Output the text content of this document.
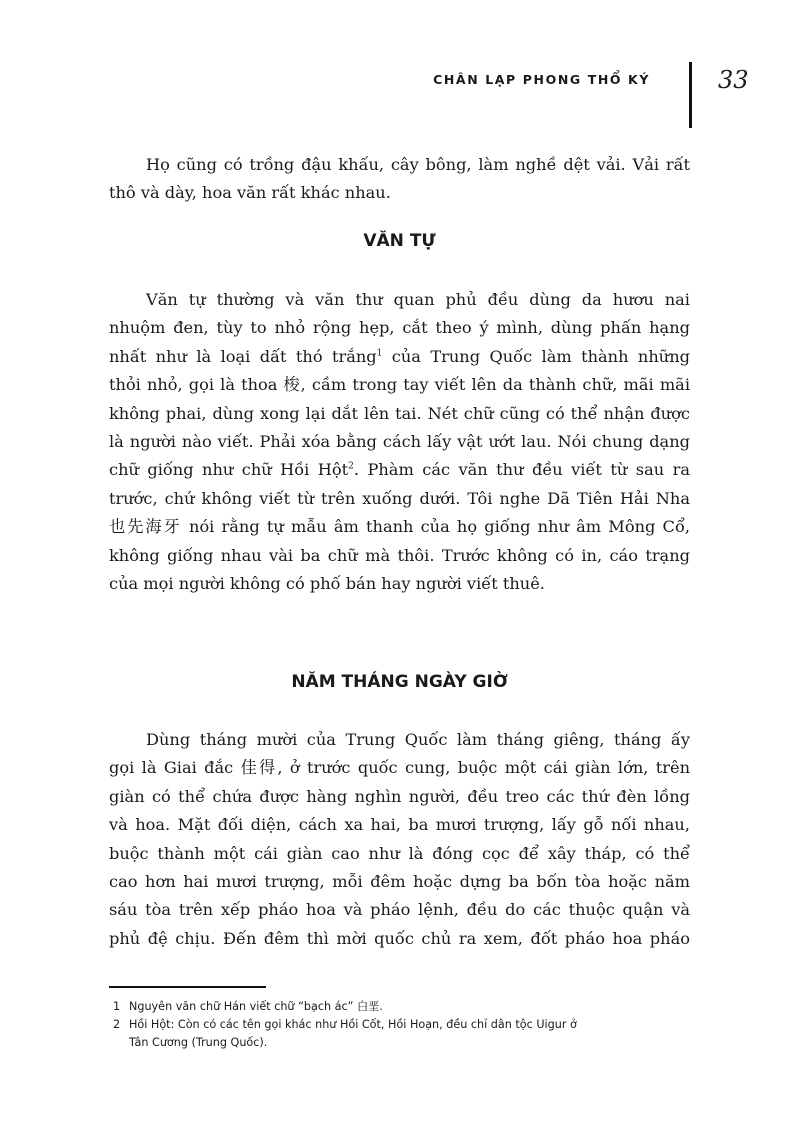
CHÂN LẠP PHONG THỔ KÝ	33
Họ cũng có trồng đậu khấu, cây bông, làm nghề dệt vải. Vải rất
thô và dày, hoa văn rất khác nhau.
VĂN TỰ
Văn tự thường và văn thư quan phủ đều dùng da hươu nai
nhuộm đen, tùy to nhỏ rộng hẹp, cắt theo ý mình, dùng phấn hạng
nhất như là loại dất thó trắng$^1$ của Trung Quốc làm thành những
thỏi nhỏ, gọi là thoa 梭, cầm trong tay viết lên da thành chữ, mãi mãi
không phai, dùng xong lại dắt lên tai. Nét chữ cũng có thể nhận được
là người nào viết. Phải xóa bằng cách lấy vật ướt lau. Nói chung dạng
chữ giống như chữ Hồi Hột$^2$. Phàm các văn thư đều viết từ sau ra
trước, chứ không viết từ trên xuống dưới. Tôi nghe Dã Tiên Hải Nha
也先海牙 nói rằng tự mẫu âm thanh của họ giống như âm Mông Cổ,
không giống nhau vài ba chữ mà thôi. Trước không có in, cáo trạng
của mọi người không có phố bán hay người viết thuê.
NĂM THÁNG NGÀY GIỜ
Dùng tháng mười của Trung Quốc làm tháng giêng, tháng ấy
gọi là Giai đắc 佳得, ở trước quốc cung, buộc một cái giàn lớn, trên
giàn có thể chứa được hàng nghìn người, đều treo các thứ đèn lồng
và hoa. Mặt đối diện, cách xa hai, ba mươi trượng, lấy gỗ nối nhau,
buộc thành một cái giàn cao như là đóng cọc để xây tháp, có thể
cao hơn hai mươi trượng, mỗi đêm hoặc dựng ba bốn tòa hoặc năm
sáu tòa trên xếp pháo hoa và pháo lệnh, đều do các thuộc quận và
phủ đệ chịu. Đến đêm thì mời quốc chủ ra xem, đốt pháo hoa pháo
1 Nguyên văn chữ Hán viết chữ “bạch ác” 白垩.
2 Hồi Hột: Còn có các tên gọi khác như Hồi Cốt, Hồi Hoạn, đều chỉ dân tộc Uigur ở
Tân Cương (Trung Quốc).
